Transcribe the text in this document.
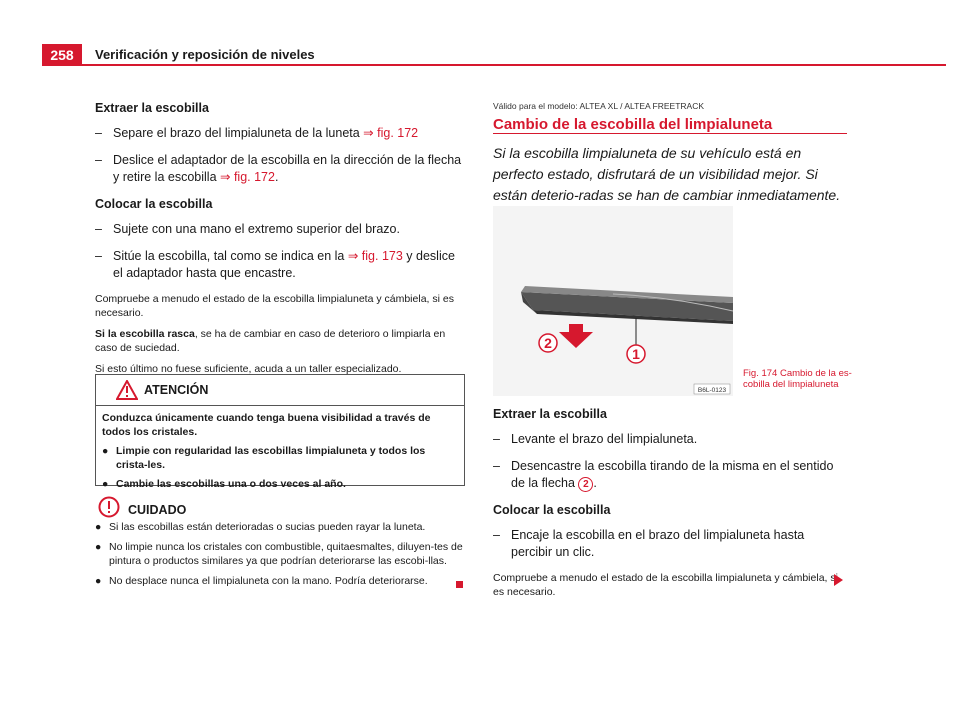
258	Verificación y reposición de niveles

Extraer la escobilla

– Separe el brazo del limpialuneta de la luneta ⇒ fig. 172
– Deslice el adaptador de la escobilla en la dirección de la flecha y retire la escobilla ⇒ fig. 172.

Colocar la escobilla

– Sujete con una mano el extremo superior del brazo.
– Sitúe la escobilla, tal como se indica en la ⇒ fig. 173 y deslice el adaptador hasta que encastre.

Compruebe a menudo el estado de la escobilla limpialuneta y cámbiela, si es necesario.

Si la escobilla rasca, se ha de cambiar en caso de deterioro o limpiarla en caso de suciedad.

Si esto último no fuese suficiente, acuda a un taller especializado.

ATENCIÓN

Conduzca únicamente cuando tenga buena visibilidad a través de todos los cristales.

● Limpie con regularidad las escobillas limpialuneta y todos los crista-les.

● Cambie las escobillas una o dos veces al año.

CUIDADO

● Si las escobillas están deterioradas o sucias pueden rayar la luneta.

● No limpie nunca los cristales con combustible, quitaesmaltes, diluyen-tes de pintura o productos similares ya que podrían deteriorarse las escobi-llas.

● No desplace nunca el limpialuneta con la mano. Podría deteriorarse.

Válido para el modelo: ALTEA XL / ALTEA FREETRACK
Cambio de la escobilla del limpialuneta
Si la escobilla limpialuneta de su vehículo está en perfecto estado, disfrutará de un visibilidad mejor. Si están deterio-radas se han de cambiar inmediatamente.
2
1
B6L-0123
Fig. 174 Cambio de la es-cobilla del limpialuneta

Extraer la escobilla

– Levante el brazo del limpialuneta.
– Desencastre la escobilla tirando de la misma en el sentido de la flecha 2 .

Colocar la escobilla

– Encaje la escobilla en el brazo del limpialuneta hasta percibir un clic.

Compruebe a menudo el estado de la escobilla limpialuneta y cámbiela, si es necesario.
